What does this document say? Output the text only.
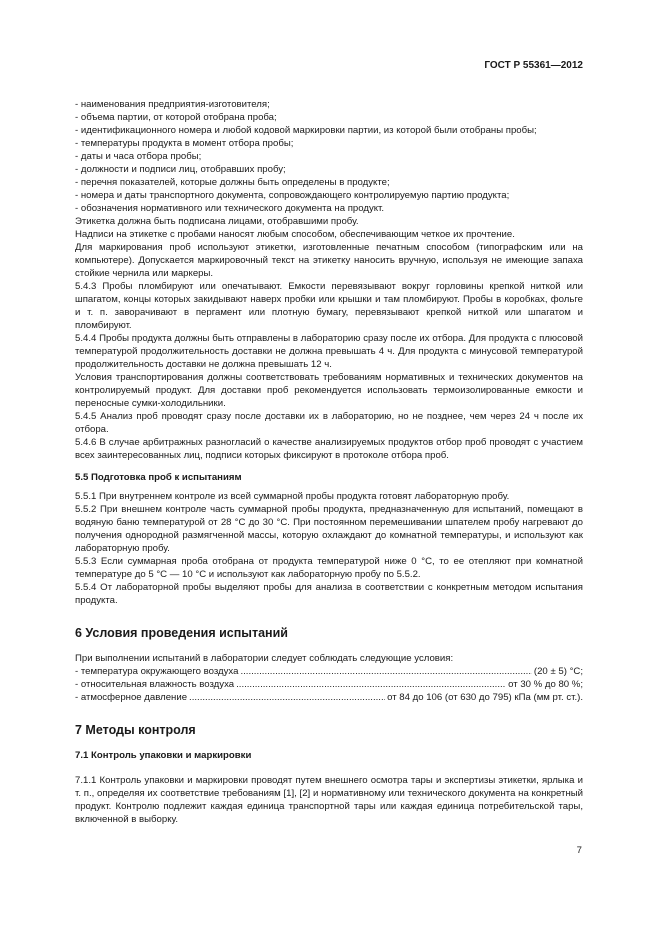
ГОСТ Р 55361—2012

- наименования предприятия-изготовителя;

- объема партии, от которой отобрана проба;

- идентификационного номера и любой кодовой маркировки партии, из которой были отобраны пробы;

- температуры продукта в момент отбора пробы;

- даты и часа отбора пробы;

- должности и подписи лиц, отобравших пробу;

- перечня показателей, которые должны быть определены в продукте;

- номера и даты транспортного документа, сопровождающего контролируемую партию продукта;

- обозначения нормативного или технического документа на продукт.

Этикетка должна быть подписана лицами, отобравшими пробу.

Надписи на этикетке с пробами наносят любым способом, обеспечивающим четкое их прочтение.

Для маркирования проб используют этикетки, изготовленные печатным способом (типографским или на компьютере). Допускается маркировочный текст на этикетку наносить вручную, используя не имеющие запаха стойкие чернила или маркеры.

5.4.3 Пробы пломбируют или опечатывают. Емкости перевязывают вокруг горловины крепкой ниткой или шпагатом, концы которых закидывают наверх пробки или крышки и там пломбируют. Пробы в коробках, фольге и т. п. заворачивают в пергамент или плотную бумагу, перевязывают крепкой ниткой или шпагатом и пломбируют.

5.4.4 Пробы продукта должны быть отправлены в лабораторию сразу после их отбора. Для продукта с плюсовой температурой продолжительность доставки не должна превышать 4 ч. Для продукта с минусовой температурой продолжительность доставки не должна превышать 12 ч.

Условия транспортирования должны соответствовать требованиям нормативных и технических документов на контролируемый продукт. Для доставки проб рекомендуется использовать термоизолированные емкости и переносные сумки-холодильники.

5.4.5 Анализ проб проводят сразу после доставки их в лабораторию, но не позднее, чем через 24 ч после их отбора.

5.4.6 В случае арбитражных разногласий о качестве анализируемых продуктов отбор проб проводят с участием всех заинтересованных лиц, подписи которых фиксируют в протоколе отбора проб.

5.5 Подготовка проб к испытаниям

5.5.1 При внутреннем контроле из всей суммарной пробы продукта готовят лабораторную пробу.

5.5.2 При внешнем контроле часть суммарной пробы продукта, предназначенную для испытаний, помещают в водяную баню температурой от 28 °С до 30 °С. При постоянном перемешивании шпателем пробу нагревают до получения однородной размягченной массы, которую охлаждают до комнатной температуры, и используют как лабораторную пробу.

5.5.3 Если суммарная проба отобрана от продукта температурой ниже 0 °С, то ее отепляют при комнатной температуре до 5 °С — 10 °С и используют как лабораторную пробу по 5.5.2.

5.5.4 От лабораторной пробы выделяют пробы для анализа в соответствии с конкретным методом испытания продукта.

6 Условия проведения испытаний

При выполнении испытаний в лаборатории следует соблюдать следующие условия:

- температура окружающего воздуха .....	(20 ± 5) °С;
- относительная влажность воздуха .....	от 30 % до 80 %;
- атмосферное давление .....	от 84 до 106 (от 630 до 795) кПа (мм рт. ст.).

7 Методы контроля

7.1 Контроль упаковки и маркировки

7.1.1 Контроль упаковки и маркировки проводят путем внешнего осмотра тары и экспертизы этикетки, ярлыка и т. п., определяя их соответствие требованиям [1], [2] и нормативному или технического документа на конкретный продукт. Контролю подлежит каждая единица транспортной тары или каждая единица потребительской тары, включенной в выборку.

7
